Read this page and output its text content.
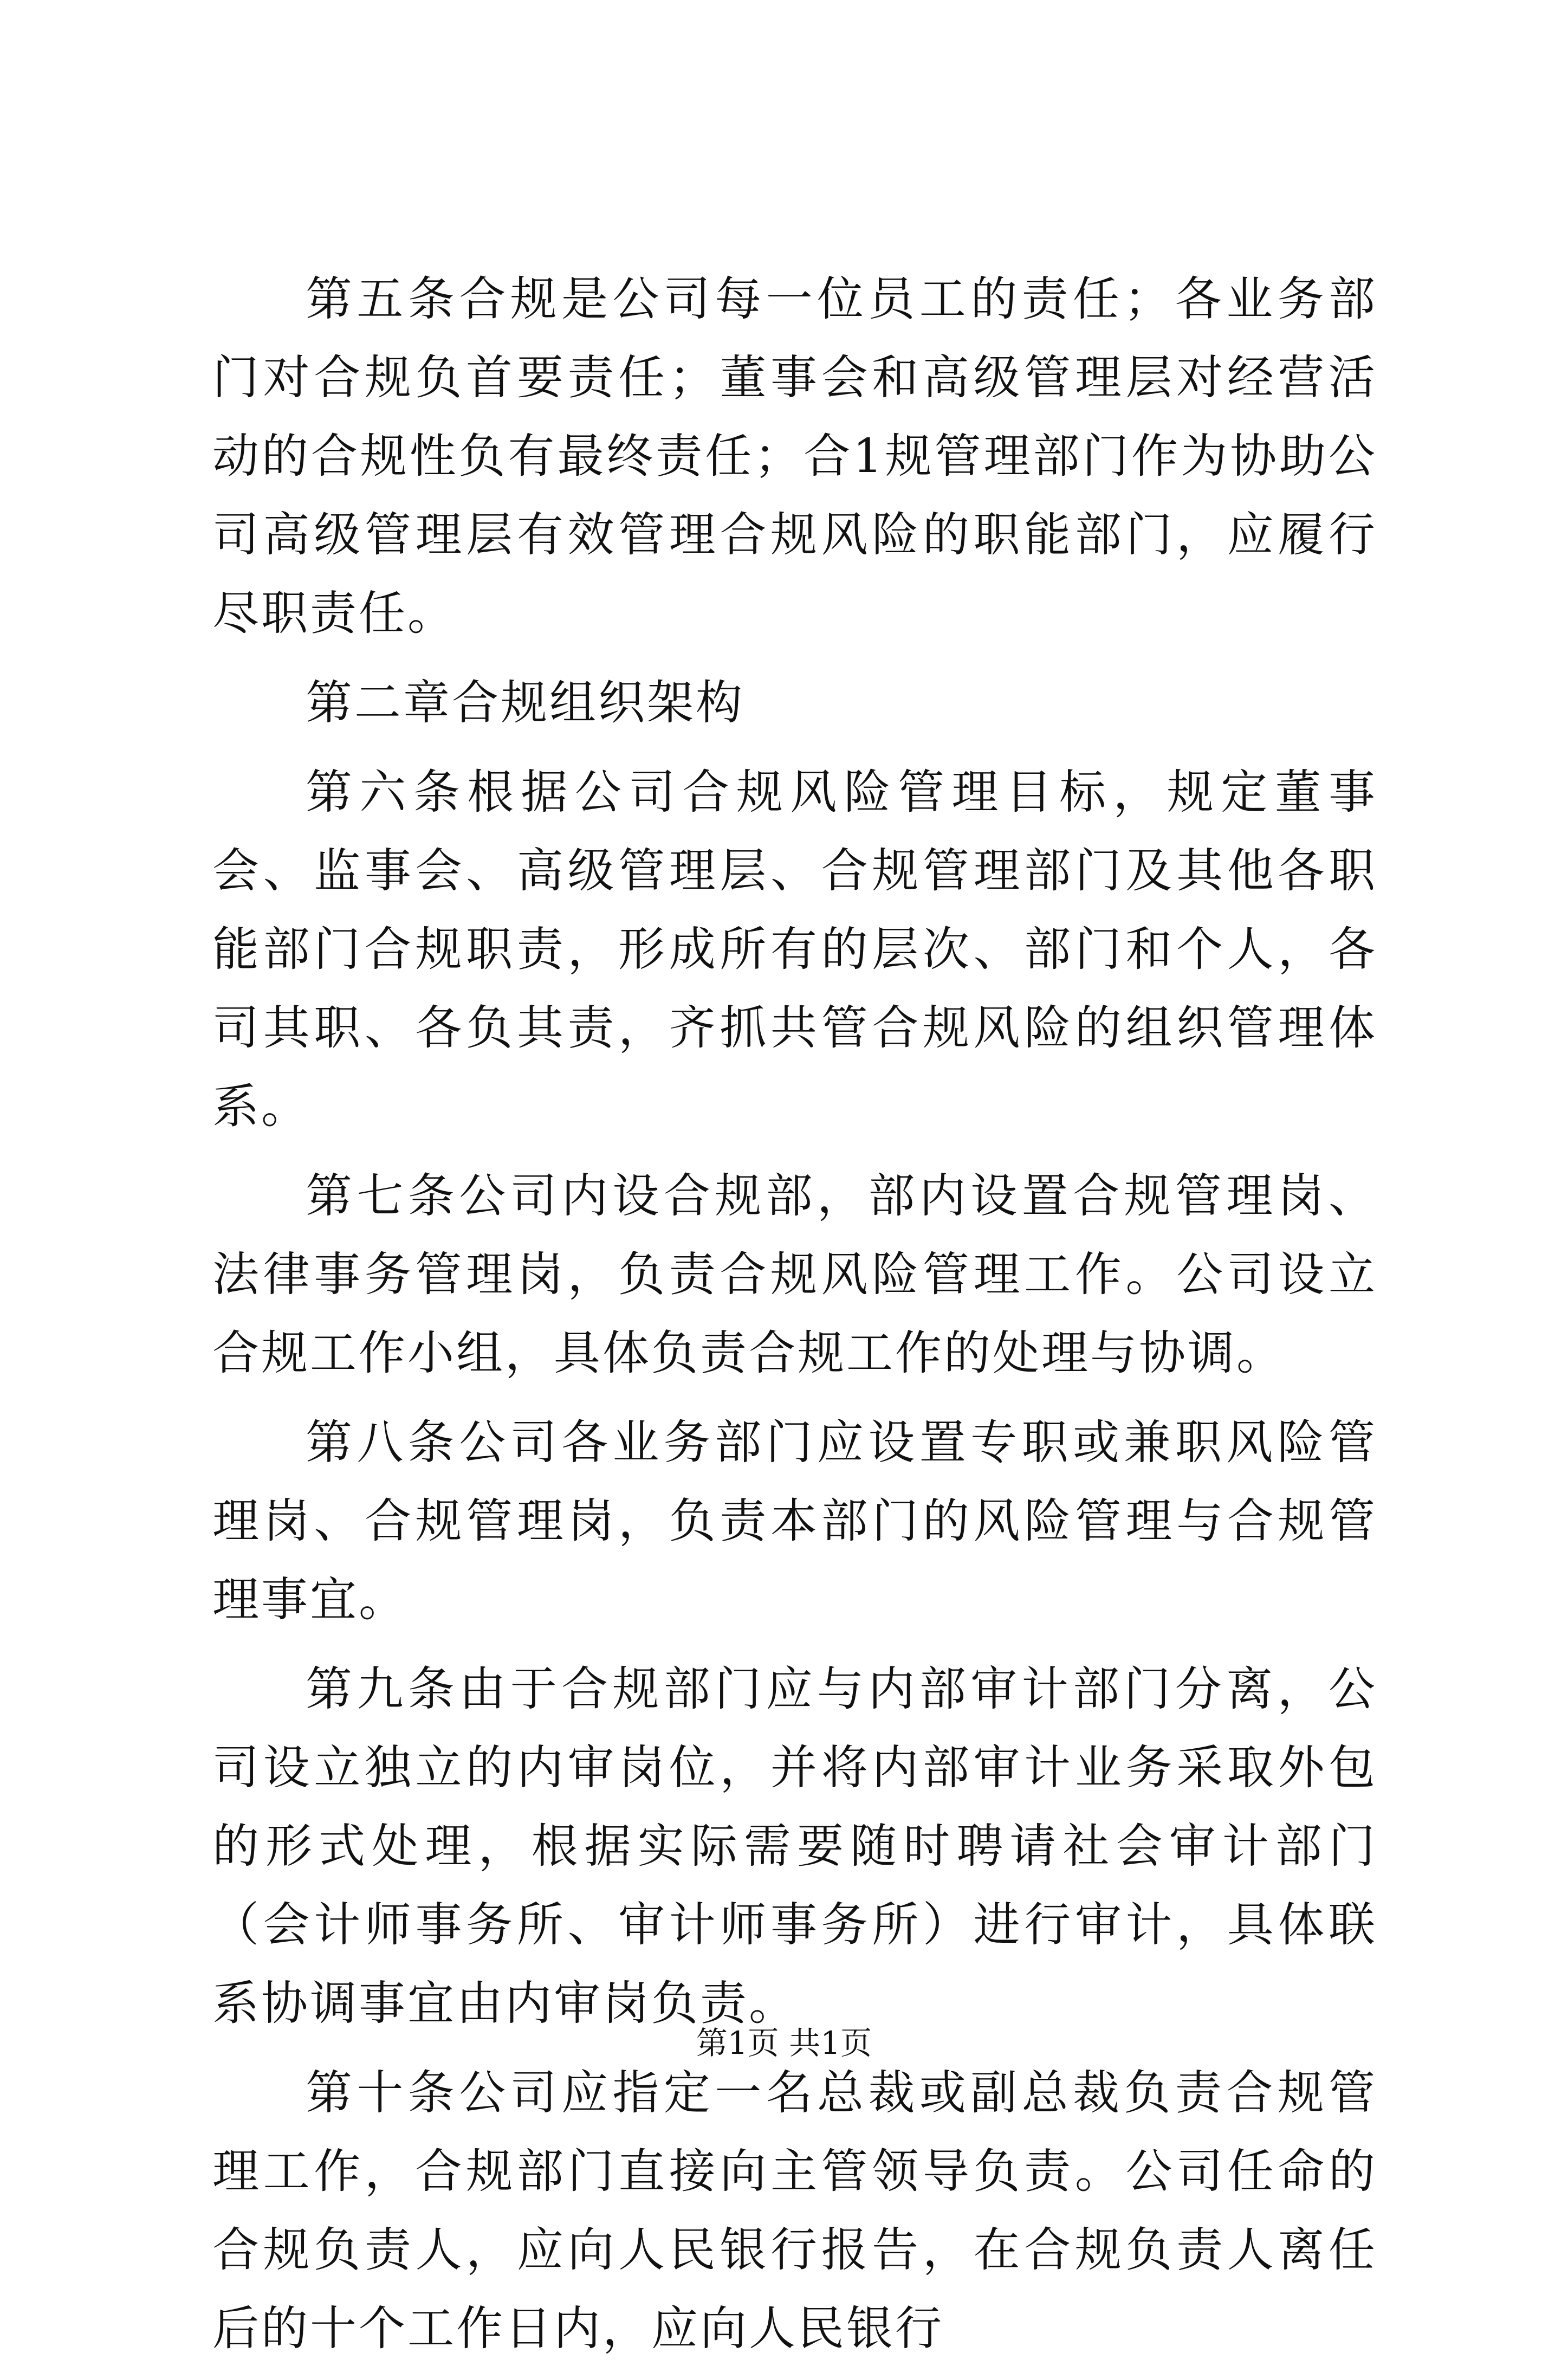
第五条合规是公司每一位员工的责任；各业务部门对合规负首要责任；董事会和高级管理层对经营活动的合规性负有最终责任；合1规管理部门作为协助公司高级管理层有效管理合规风险的职能部门，应履行尽职责任。

第二章合规组织架构

第六条根据公司合规风险管理目标，规定董事会、监事会、高级管理层、合规管理部门及其他各职能部门合规职责，形成所有的层次、部门和个人，各司其职、各负其责，齐抓共管合规风险的组织管理体系。

第七条公司内设合规部，部内设置合规管理岗、法律事务管理岗，负责合规风险管理工作。公司设立合规工作小组，具体负责合规工作的处理与协调。

第八条公司各业务部门应设置专职或兼职风险管理岗、合规管理岗，负责本部门的风险管理与合规管理事宜。

第九条由于合规部门应与内部审计部门分离，公司设立独立的内审岗位，并将内部审计业务采取外包的形式处理，根据实际需要随时聘请社会审计部门（会计师事务所、审计师事务所）进行审计，具体联系协调事宜由内审岗负责。

第十条公司应指定一名总裁或副总裁负责合规管理工作，合规部门直接向主管领导负责。公司任命的合规负责人，应向人民银行报告，在合规负责人离任后的十个工作日内，应向人民银行

第1页 共1页
